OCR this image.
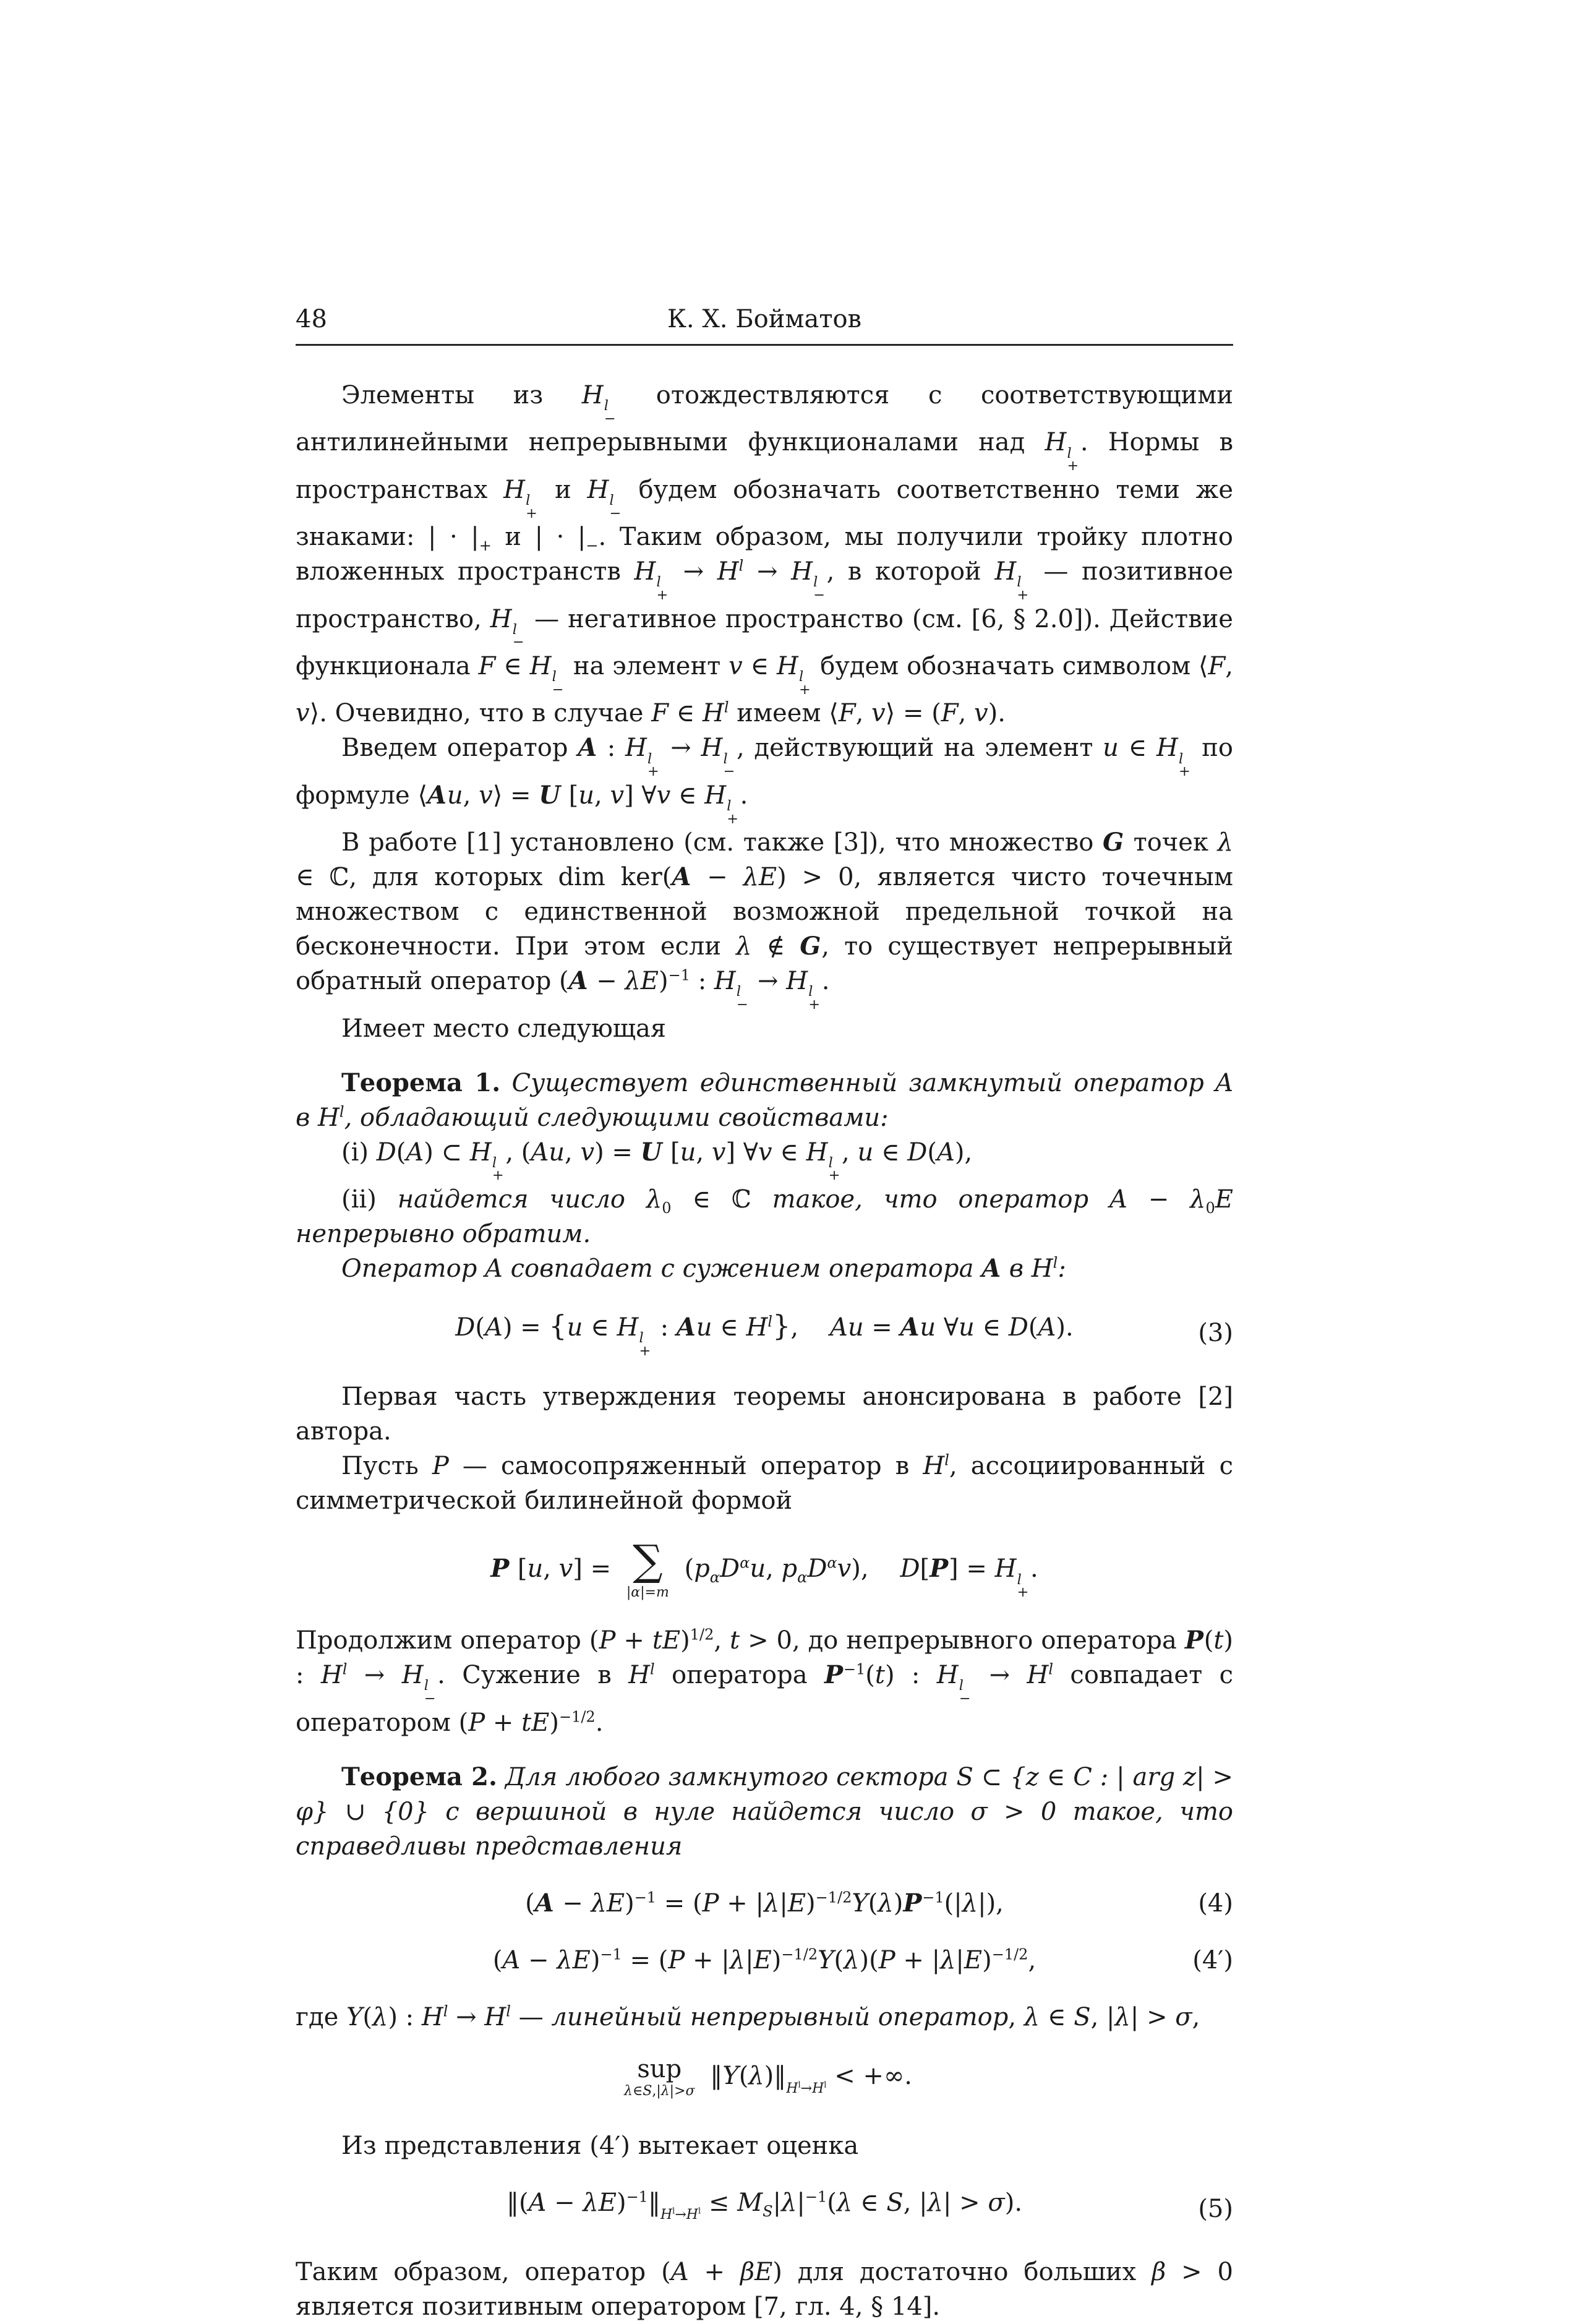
48	К. Х. Бойматов
Элементы из H l
−
отождествляются с соответствующими антилинейными непрерывными функционалами над H l
+
. Нормы в пространствах H l
+
и H l
−
будем обозначать соответственно теми же знаками: | · $|_+$ и | · $|_-$. Таким образом, мы получили тройку плотно вложенных пространств H l
+
→ $H^l \to H$ l
−
, в которой H l
+
— позитивное пространство, H l
−
— негативное пространство (см. [6, § 2.0]). Действие функционала F ∈ H l
−
на элемент v ∈ H l
+
будем обозначать символом ⟨F, v⟩. Очевидно, что в случае F ∈ $H^l$ имеем ⟨F, v⟩ = (F, v).
Введем оператор A : H l
+
→ H l
−
, действующий на элемент u ∈ H l
+
по формуле ⟨Au, v⟩ = U [u, v] ∀v ∈ H l
+
.
В работе [1] установлено (см. также [3]), что множество G точек λ ∈ ℂ, для которых dim ker(A − λE) > 0, является чисто точечным множеством с единственной возможной предельной точкой на бесконечности. При этом если λ ∉ G, то существует непрерывный обратный оператор $(A - \lambda E)^{-1}$ : H l
−
→ H l
+
.
Имеет место следующая
Теорема 1. Существует единственный замкнутый оператор A в $H^l$, обладающий следующими свойствами:
(i) D(A) ⊂ H l
+
, (Au, v) = U [u, v] ∀v ∈ H l
+
, u ∈ D(A),
(ii) найдется число $\lambda_0$ ∈ ℂ такое, что оператор $A - \lambda_0E$ непрерывно обратим.
Оператор A совпадает с сужением оператора A в $H^l$:
D(A) = {u ∈ H l
+
: Au ∈ $H^l$},    Au = Au ∀u ∈ D(A).	(3)
Первая часть утверждения теоремы анонсирована в работе [2] автора.
Пусть P — самосопряженный оператор в $H^l$, ассоциированный с симметрической билинейной формой
P [u, v] = ∑
|α|=m
($p_\alpha D^\alpha u$, $p_\alpha D^\alpha v$),    D[P] = H l
+
.
Продолжим оператор (P + tE)$^{1/2}$, t > 0, до непрерывного оператора P(t) : $H^l \to H$ l
−
. Сужение в $H^l$ оператора $P^{-1}(t)$ : H l
−
→ $H^l$ совпадает с оператором (P + tE)$^{-1/2}$.
Теорема 2. Для любого замкнутого сектора S ⊂ {z ∈ C : | arg z| > φ} ∪ {0} с вершиной в нуле найдется число σ > 0 такое, что справедливы представления
$(A - \lambda E)^{-1} = (P + |\lambda|E)^{-1/2}Y(\lambda)P^{-1}(|\lambda|)$,	(4)
$(A - \lambda E)^{-1} = (P + |\lambda|E)^{-1/2}Y(\lambda)(P + |\lambda|E)^{-1/2}$,	(4′)
где Y(λ) : $H^l \to H^l$ — линейный непрерывный оператор, λ ∈ S, |λ| > σ,
sup
λ∈S,|λ|>σ
$‖Y(\lambda)‖_{H^l\to H^l}$ < +∞.
Из представления (4′) вытекает оценка
‖(A − $\lambda E)^{-1}‖_{H^l\to H^l} \le M_S|\lambda|^{-1}(\lambda$ ∈ S, |λ| > σ).	(5)
Таким образом, оператор (A + βE) для достаточно больших β > 0 является позитивным оператором [7, гл. 4, § 14].
